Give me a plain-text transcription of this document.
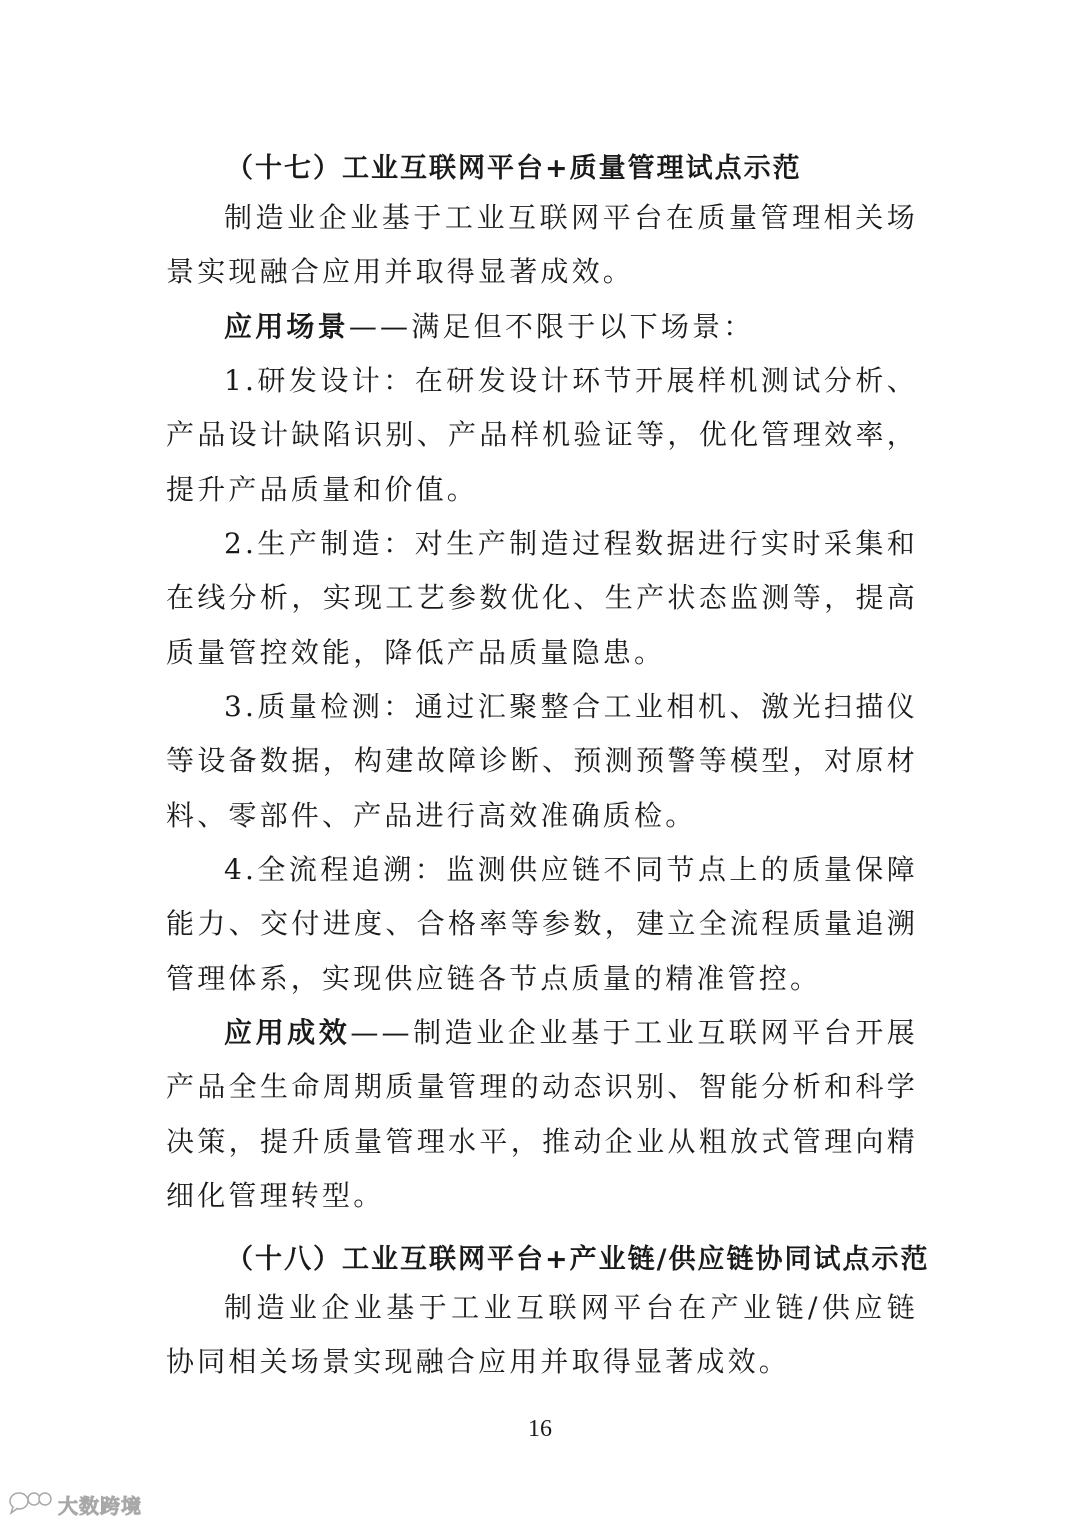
（十七）工业互联网平台+质量管理试点示范

制造业企业基于工业互联网平台在质量管理相关场景实现融合应用并取得显著成效。

应用场景——满足但不限于以下场景：

1.研发设计：在研发设计环节开展样机测试分析、产品设计缺陷识别、产品样机验证等，优化管理效率，提升产品质量和价值。

2.生产制造：对生产制造过程数据进行实时采集和在线分析，实现工艺参数优化、生产状态监测等，提高质量管控效能，降低产品质量隐患。

3.质量检测：通过汇聚整合工业相机、激光扫描仪等设备数据，构建故障诊断、预测预警等模型，对原材料、零部件、产品进行高效准确质检。

4.全流程追溯：监测供应链不同节点上的质量保障能力、交付进度、合格率等参数，建立全流程质量追溯管理体系，实现供应链各节点质量的精准管控。

应用成效——制造业企业基于工业互联网平台开展产品全生命周期质量管理的动态识别、智能分析和科学决策，提升质量管理水平，推动企业从粗放式管理向精细化管理转型。

（十八）工业互联网平台+产业链/供应链协同试点示范

制造业企业基于工业互联网平台在产业链/供应链协同相关场景实现融合应用并取得显著成效。

16
大数跨境
